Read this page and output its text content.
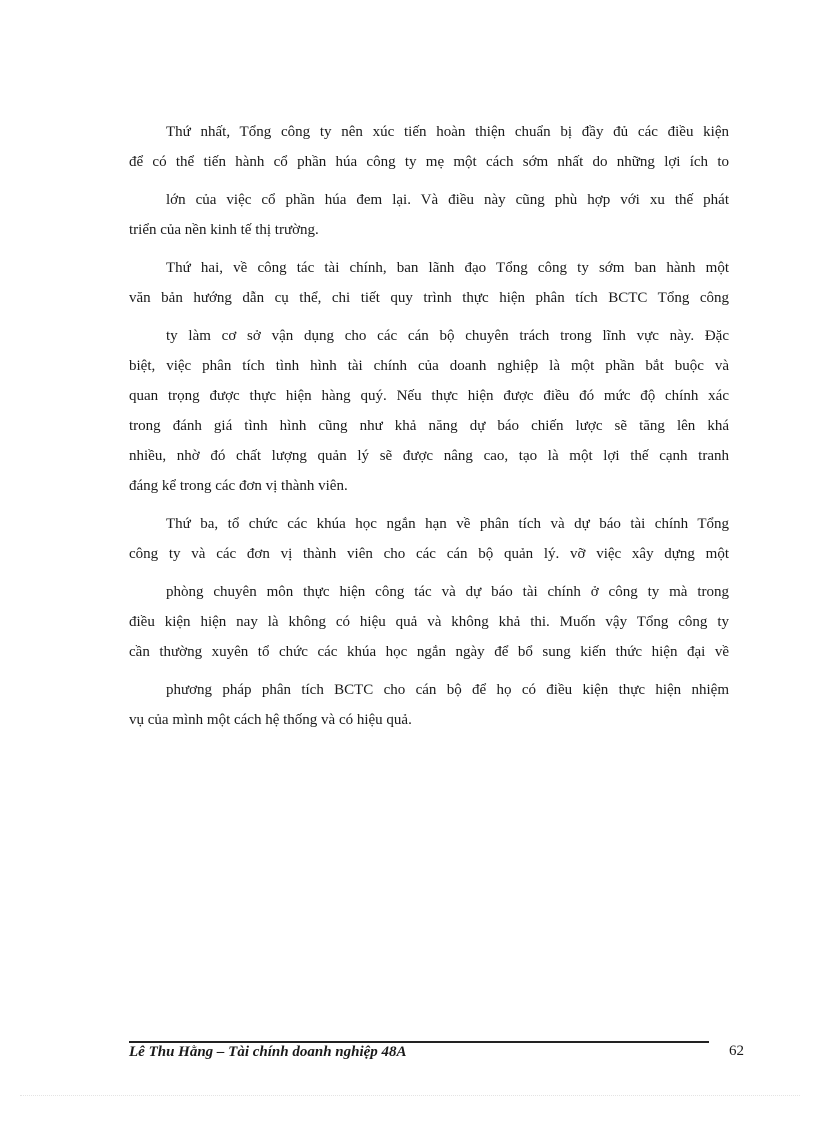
Thứ nhất, Tổng công ty nên xúc tiến hoàn thiện chuẩn bị đầy đủ các điều kiện
để có thể tiến hành cổ phần húa công ty mẹ một cách sớm nhất do những lợi ích to
lớn của việc cổ phần húa đem lại. Và điều này cũng phù hợp với xu thế phát
triển của nền kinh tế thị trường.
Thứ hai, về công tác tài chính, ban lãnh đạo Tổng công ty sớm ban hành một
văn bản hướng dẫn cụ thể, chi tiết quy trình thực hiện phân tích BCTC Tổng công
ty làm cơ sở vận dụng cho các cán bộ chuyên trách trong lĩnh vực này. Đặc
biệt, việc phân tích tình hình tài chính của doanh nghiệp là một phần bắt buộc và
quan trọng được thực hiện hàng quý. Nếu thực hiện được điều đó mức độ chính xác
trong đánh giá tình hình cũng như khả năng dự báo chiến lược sẽ tăng lên khá
nhiều, nhờ đó chất lượng quản lý sẽ được nâng cao, tạo là một lợi thế cạnh tranh
đáng kể trong các đơn vị thành viên.
Thứ ba, tổ chức các khúa học ngắn hạn về phân tích và dự báo tài chính Tổng
công ty và các đơn vị thành viên cho các cán bộ quản lý. vỡ việc xây dựng một
phòng chuyên môn thực hiện công tác và dự báo tài chính ở công ty mà trong
điều kiện hiện nay là không có hiệu quả và không khả thi. Muốn vậy Tổng công ty
cần thường xuyên tổ chức các khúa học ngắn ngày để bổ sung kiến thức hiện đại về
phương pháp phân tích BCTC cho cán bộ để họ có điều kiện thực hiện nhiệm
vụ của mình một cách hệ thống và có hiệu quả.
Lê Thu Hằng – Tài chính doanh nghiệp 48A	62
